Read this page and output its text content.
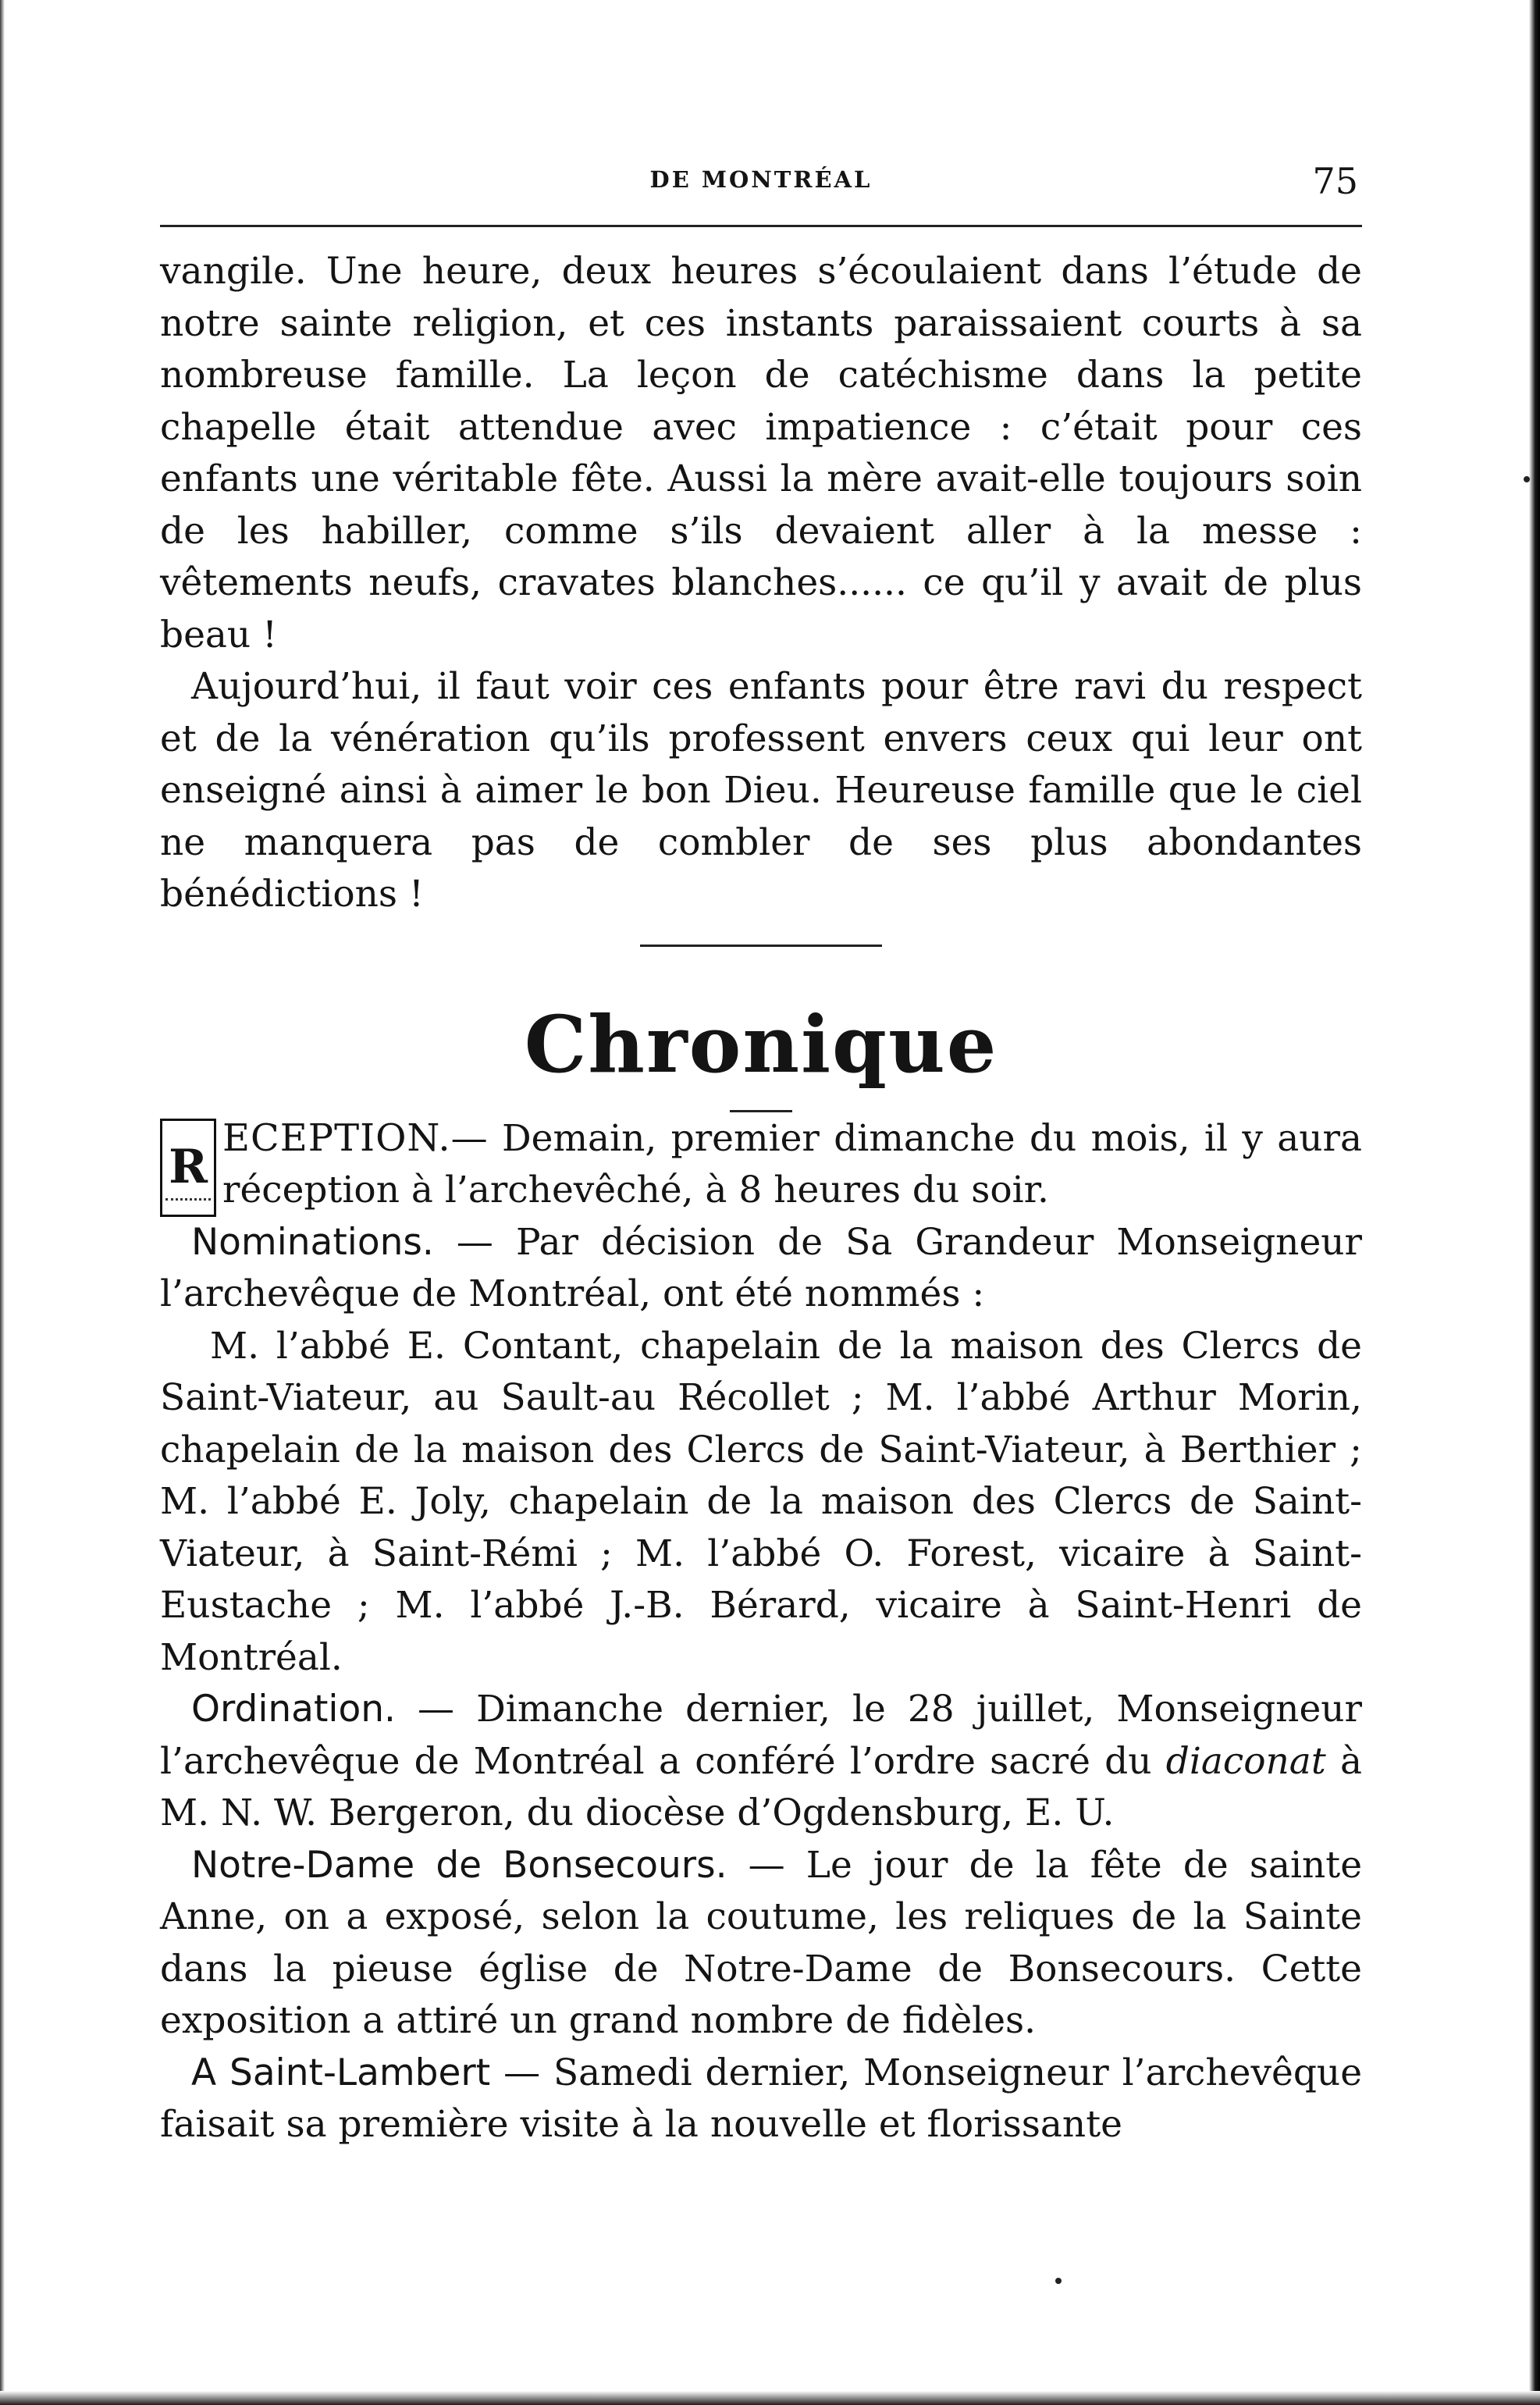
DE MONTRÉAL	75

vangile. Une heure, deux heures s’écoulaient dans l’étude de notre sainte religion, et ces instants paraissaient courts à sa nombreuse famille. La leçon de catéchisme dans la petite chapelle était attendue avec impatience : c’était pour ces enfants une véritable fête. Aussi la mère avait-elle toujours soin de les habiller, comme s’ils devaient aller à la messe : vêtements neufs, cravates blanches...... ce qu’il y avait de plus beau !

Aujourd’hui, il faut voir ces enfants pour être ravi du respect et de la vénération qu’ils professent envers ceux qui leur ont enseigné ainsi à aimer le bon Dieu. Heureuse famille que le ciel ne manquera pas de combler de ses plus abondantes bénédictions !

Chronique

R
ECEPTION.— Demain, premier dimanche du mois, il y aura réception à l’archevêché, à 8 heures du soir.

Nominations. — Par décision de Sa Grandeur Monseigneur l’archevêque de Montréal, ont été nommés :

M. l’abbé E. Contant, chapelain de la maison des Clercs de Saint-Viateur, au Sault-au Récollet ; M. l’abbé Arthur Morin, chapelain de la maison des Clercs de Saint-Viateur, à Berthier ; M. l’abbé E. Joly, chapelain de la maison des Clercs de Saint-Viateur, à Saint-Rémi ; M. l’abbé O. Forest, vicaire à Saint-Eustache ; M. l’abbé J.-B. Bérard, vicaire à Saint-Henri de Montréal.

Ordination. — Dimanche dernier, le 28 juillet, Monseigneur l’archevêque de Montréal a conféré l’ordre sacré du diaconat à M. N. W. Bergeron, du diocèse d’Ogdensburg, E. U.

Notre-Dame de Bonsecours. — Le jour de la fête de sainte Anne, on a exposé, selon la coutume, les reliques de la Sainte dans la pieuse église de Notre-Dame de Bonsecours. Cette exposition a attiré un grand nombre de fidèles.

A Saint-Lambert — Samedi dernier, Monseigneur l’archevêque faisait sa première visite à la nouvelle et florissante
